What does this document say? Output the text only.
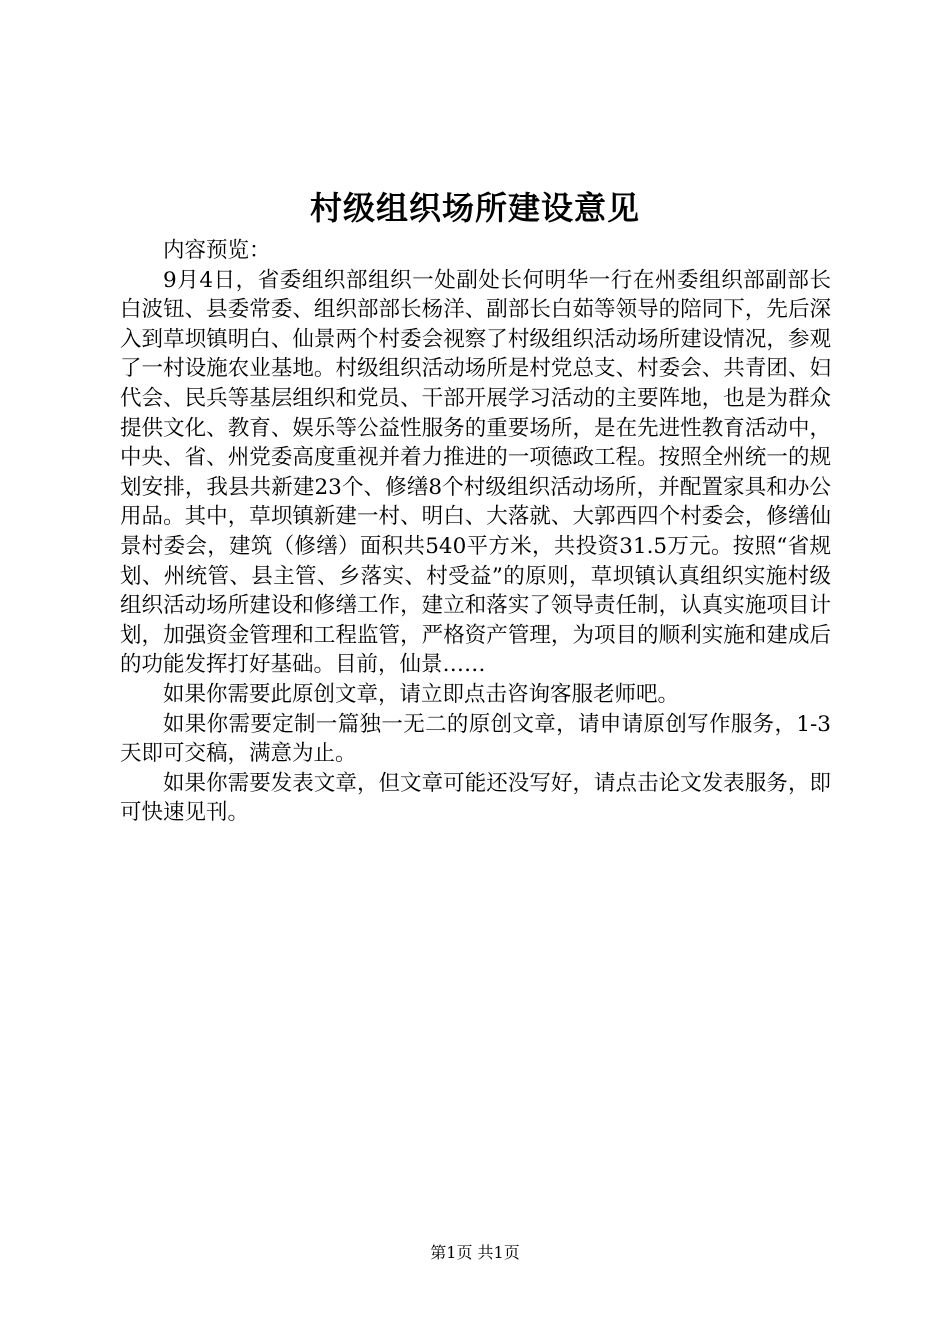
村级组织场所建设意见

内容预览：

9月4日，省委组织部组织一处副处长何明华一行在州委组织部副部长白波钮、县委常委、组织部部长杨洋、副部长白茹等领导的陪同下，先后深入到草坝镇明白、仙景两个村委会视察了村级组织活动场所建设情况，参观了一村设施农业基地。村级组织活动场所是村党总支、村委会、共青团、妇代会、民兵等基层组织和党员、干部开展学习活动的主要阵地，也是为群众提供文化、教育、娱乐等公益性服务的重要场所，是在先进性教育活动中，中央、省、州党委高度重视并着力推进的一项德政工程。按照全州统一的规划安排，我县共新建23个、修缮8个村级组织活动场所，并配置家具和办公用品。其中，草坝镇新建一村、明白、大落就、大郭西四个村委会，修缮仙景村委会，建筑（修缮）面积共540平方米，共投资31.5万元。按照“省规划、州统管、县主管、乡落实、村受益”的原则，草坝镇认真组织实施村级组织活动场所建设和修缮工作，建立和落实了领导责任制，认真实施项目计划，加强资金管理和工程监管，严格资产管理，为项目的顺利实施和建成后的功能发挥打好基础。目前，仙景……

如果你需要此原创文章，请立即点击咨询客服老师吧。

如果你需要定制一篇独一无二的原创文章，请申请原创写作服务，1-3天即可交稿，满意为止。

如果你需要发表文章，但文章可能还没写好，请点击论文发表服务，即可快速见刊。

第1页 共1页
